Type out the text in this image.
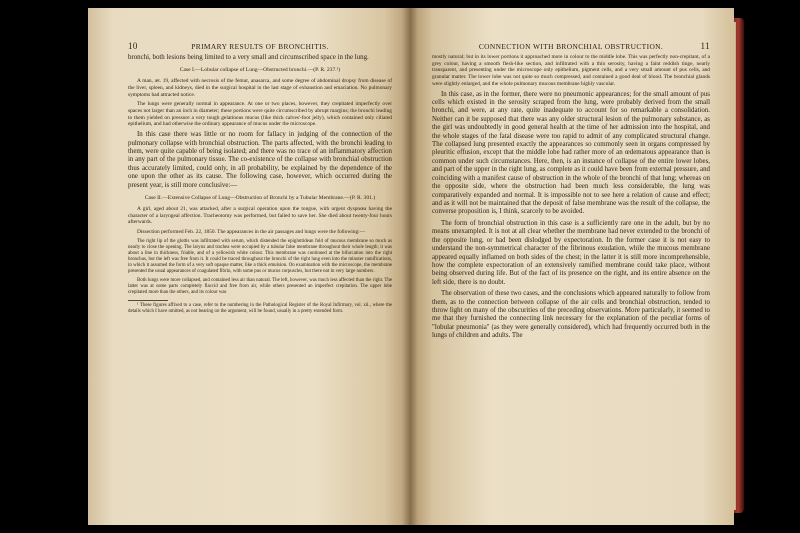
10	PRIMARY RESULTS OF BRONCHITIS.

bronchi, both lesions being limited to a very small and circumscribed space in the lung.

Case I.—Lobular collapse of Lung—Obstructed bronchi.—(P. R. 237.¹)

A man, æt. 19, affected with necrosis of the femur, anasarca, and some degree of abdominal dropsy from disease of the liver, spleen, and kidneys, died in the surgical hospital in the last stage of exhaustion and emaciation. No pulmonary symptoms had attracted notice.

The lungs were generally normal in appearance. At one or two places, however, they crepitated imperfectly over spaces not larger than an inch in diameter; these portions were quite circumscribed by abrupt margins; the bronchi leading to them yielded on pressure a very tough gelatinous mucus (like thick calves'-foot jelly), which contained only ciliated epithelium, and had otherwise the ordinary appearance of mucus under the microscope.

In this case there was little or no room for fallacy in judging of the connection of the pulmonary collapse with bronchial obstruction. The parts affected, with the bronchi leading to them, were quite capable of being isolated; and there was no trace of an inflammatory affection in any part of the pulmonary tissue. The co-existence of the collapse with bronchial obstruction thus accurately limited, could only, in all probability, be explained by the dependence of the one upon the other as its cause. The following case, however, which occurred during the present year, is still more conclusive:—

Case II.—Extensive Collapse of Lung—Obstruction of Bronchi by a Tubular Membrane.—(P. R. 301.)

A girl, aged about 21, was attacked, after a surgical operation upon the tongue, with urgent dyspnœa having the character of a laryngeal affection. Tracheotomy was performed, but failed to save her. She died about twenty-four hours afterwards.

Dissection performed Feb. 22, 1850. The appearances in the air passages and lungs were the following:—

The right lip of the glottis was infiltrated with serum, which distended the epiglottidean fold of mucous membrane so much as nearly to close the opening. The larynx and trachea were occupied by a tubular false membrane throughout their whole length; it was about a line in thickness, friable, and of a yellowish white colour. This membrane was continued at the bifurcation into the right bronchus, but the left was free from it. It could be traced throughout the bronchi of the right lung even into the minuter ramifications, in which it assumed the form of a very soft opaque matter, like a thick emulsion. On examination with the microscope, the membrane presented the usual appearances of coagulated fibrin, with some pus or mucus corpuscles, but there not in very large numbers.

Both lungs were more collapsed, and contained less air than natural. The left, however, was much less affected than the right. The latter was at some parts completely flaccid and free from air, while others presented an imperfect crepitation. The upper lobe crepitated more than the others, and its colour was

¹ These figures affixed to a case, refer to the numbering in the Pathological Register of the Royal Infirmary, vol. xii., where the details which I have omitted, as not bearing on the argument, will be found, usually in a pretty extended form.

CONNECTION WITH BRONCHIAL OBSTRUCTION.	11

mostly natural; but in its lower portions it approached more in colour to the middle lobe. This was perfectly non-crepitant, of a grey colour, having a smooth flesh-like section, and infiltrated with a thin serosity, having a faint reddish tinge, nearly transparent, and presenting under the microscope only epithelium, pigment cells, and a very small amount of pus cells, and granular matter. The lower lobe was not quite so much compressed, and contained a good deal of blood. The bronchial glands were slightly enlarged, and the whole pulmonary mucous membrane highly vascular.

In this case, as in the former, there were no pneumonic appearances; for the small amount of pus cells which existed in the serosity scraped from the lung, were probably derived from the small bronchi, and were, at any rate, quite inadequate to account for so remarkable a consolidation. Neither can it be supposed that there was any older structural lesion of the pulmonary substance, as the girl was undoubtedly in good general health at the time of her admission into the hospital, and the whole stages of the fatal disease were too rapid to admit of any complicated structural change. The collapsed lung presented exactly the appearances so commonly seen in organs compressed by pleuritic effusion, except that the middle lobe had rather more of an œdematous appearance than is common under such circumstances. Here, then, is an instance of collapse of the entire lower lobes, and part of the upper in the right lung, as complete as it could have been from external pressure, and coinciding with a manifest cause of obstruction in the whole of the bronchi of that lung; whereas on the opposite side, where the obstruction had been much less considerable, the lung was comparatively expanded and normal. It is impossible not to see here a relation of cause and effect; and as it will not be maintained that the deposit of false membrane was the result of the collapse, the converse proposition is, I think, scarcely to be avoided.

The form of bronchial obstruction in this case is a sufficiently rare one in the adult, but by no means unexampled. It is not at all clear whether the membrane had never extended to the bronchi of the opposite lung, or had been dislodged by expectoration. In the former case it is not easy to understand the non-symmetrical character of the fibrinous exudation, while the mucous membrane appeared equally inflamed on both sides of the chest; in the latter it is still more incomprehensible, how the complete expectoration of an extensively ramified membrane could take place, without being observed during life. But of the fact of its presence on the right, and its entire absence on the left side, there is no doubt.

The observation of these two cases, and the conclusions which appeared naturally to follow from them, as to the connection between collapse of the air cells and bronchial obstruction, tended to throw light on many of the obscurities of the preceding observations. More particularly, it seemed to me that they furnished the connecting link necessary for the explanation of the peculiar forms of "lobular pneumonia" (as they were generally considered), which had frequently occurred both in the lungs of children and adults. The
